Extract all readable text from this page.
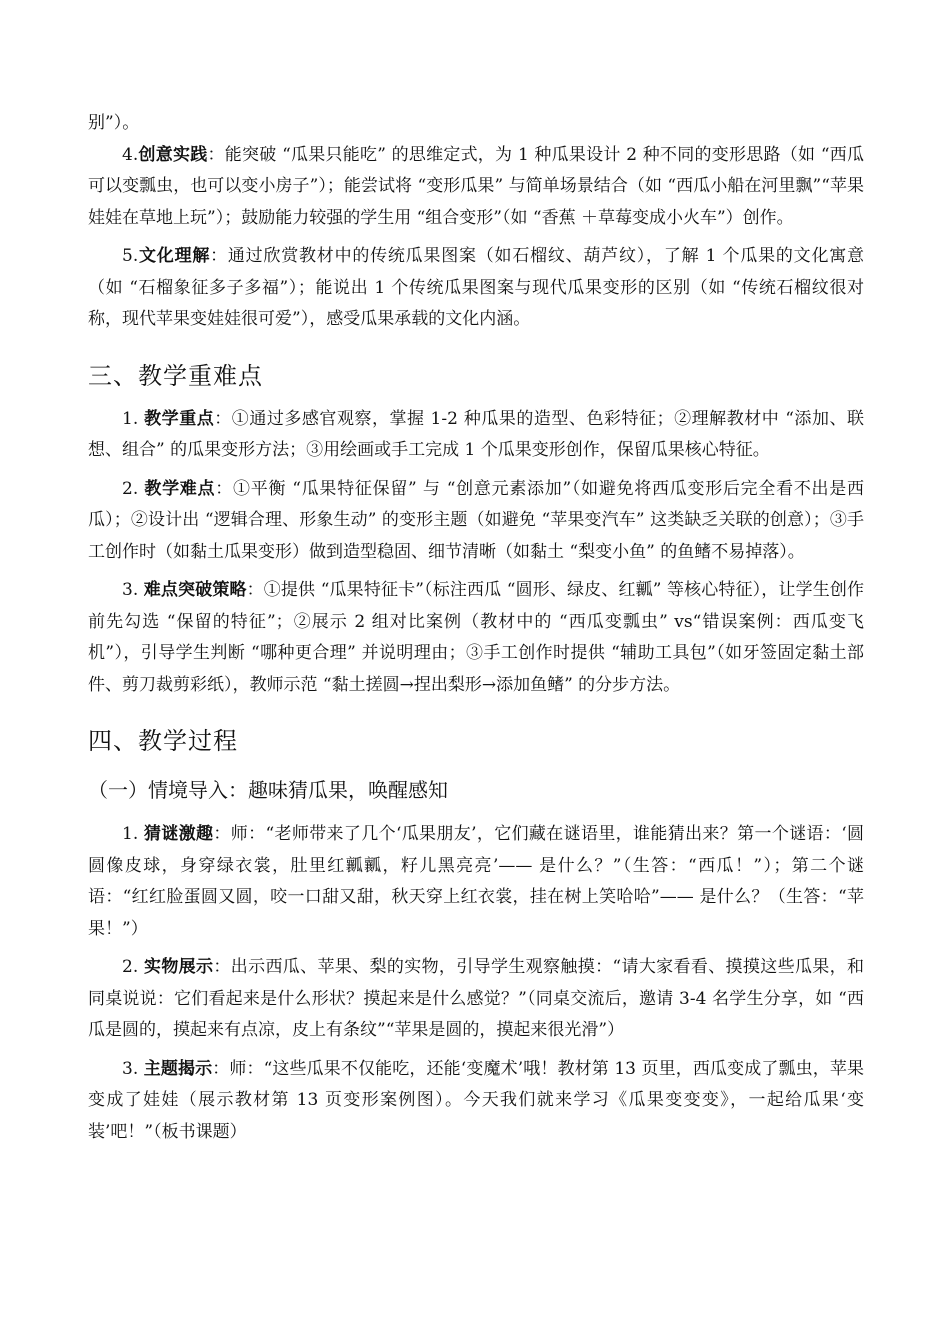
别”）。

4.创意实践：能突破 “瓜果只能吃” 的思维定式，为 1 种瓜果设计 2 种不同的变形思路（如 “西瓜可以变瓢虫，也可以变小房子”）；能尝试将 “变形瓜果” 与简单场景结合（如 “西瓜小船在河里飘”“苹果娃娃在草地上玩”）；鼓励能力较强的学生用 “组合变形”（如 “香蕉 ＋草莓变成小火车”）创作。

5.文化理解：通过欣赏教材中的传统瓜果图案（如石榴纹、葫芦纹），了解 1 个瓜果的文化寓意（如 “石榴象征多子多福”）；能说出 1 个传统瓜果图案与现代瓜果变形的区别（如 “传统石榴纹很对称，现代苹果变娃娃很可爱”），感受瓜果承载的文化内涵。

三、教学重难点

1. 教学重点：①通过多感官观察，掌握 1-2 种瓜果的造型、色彩特征；②理解教材中 “添加、联想、组合” 的瓜果变形方法；③用绘画或手工完成 1 个瓜果变形创作，保留瓜果核心特征。

2. 教学难点：①平衡 “瓜果特征保留” 与 “创意元素添加”（如避免将西瓜变形后完全看不出是西瓜）；②设计出 “逻辑合理、形象生动” 的变形主题（如避免 “苹果变汽车” 这类缺乏关联的创意）；③手工创作时（如黏土瓜果变形）做到造型稳固、细节清晰（如黏土 “梨变小鱼” 的鱼鳍不易掉落）。

3. 难点突破策略：①提供 “瓜果特征卡”（标注西瓜 “圆形、绿皮、红瓤” 等核心特征），让学生创作前先勾选 “保留的特征”；②展示 2 组对比案例（教材中的 “西瓜变瓢虫” vs“错误案例：西瓜变飞机”），引导学生判断 “哪种更合理” 并说明理由；③手工创作时提供 “辅助工具包”（如牙签固定黏土部件、剪刀裁剪彩纸），教师示范 “黏土搓圆→捏出梨形→添加鱼鳍” 的分步方法。

四、教学过程
（一）情境导入：趣味猜瓜果，唤醒感知

1. 猜谜激趣：师：“老师带来了几个‘瓜果朋友’，它们藏在谜语里，谁能猜出来？第一个谜语：‘圆圆像皮球，身穿绿衣裳，肚里红瓤瓤，籽儿黑亮亮’—— 是什么？”（生答：“西瓜！”）；第二个谜语：“红红脸蛋圆又圆，咬一口甜又甜，秋天穿上红衣裳，挂在树上笑哈哈”—— 是什么？（生答：“苹果！”）

2. 实物展示：出示西瓜、苹果、梨的实物，引导学生观察触摸：“请大家看看、摸摸这些瓜果，和同桌说说：它们看起来是什么形状？摸起来是什么感觉？”（同桌交流后，邀请 3-4 名学生分享，如 “西瓜是圆的，摸起来有点凉，皮上有条纹”“苹果是圆的，摸起来很光滑”）

3. 主题揭示：师：“这些瓜果不仅能吃，还能‘变魔术’哦！教材第 13 页里，西瓜变成了瓢虫，苹果变成了娃娃（展示教材第 13 页变形案例图）。今天我们就来学习《瓜果变变变》，一起给瓜果‘变装’吧！”（板书课题）
